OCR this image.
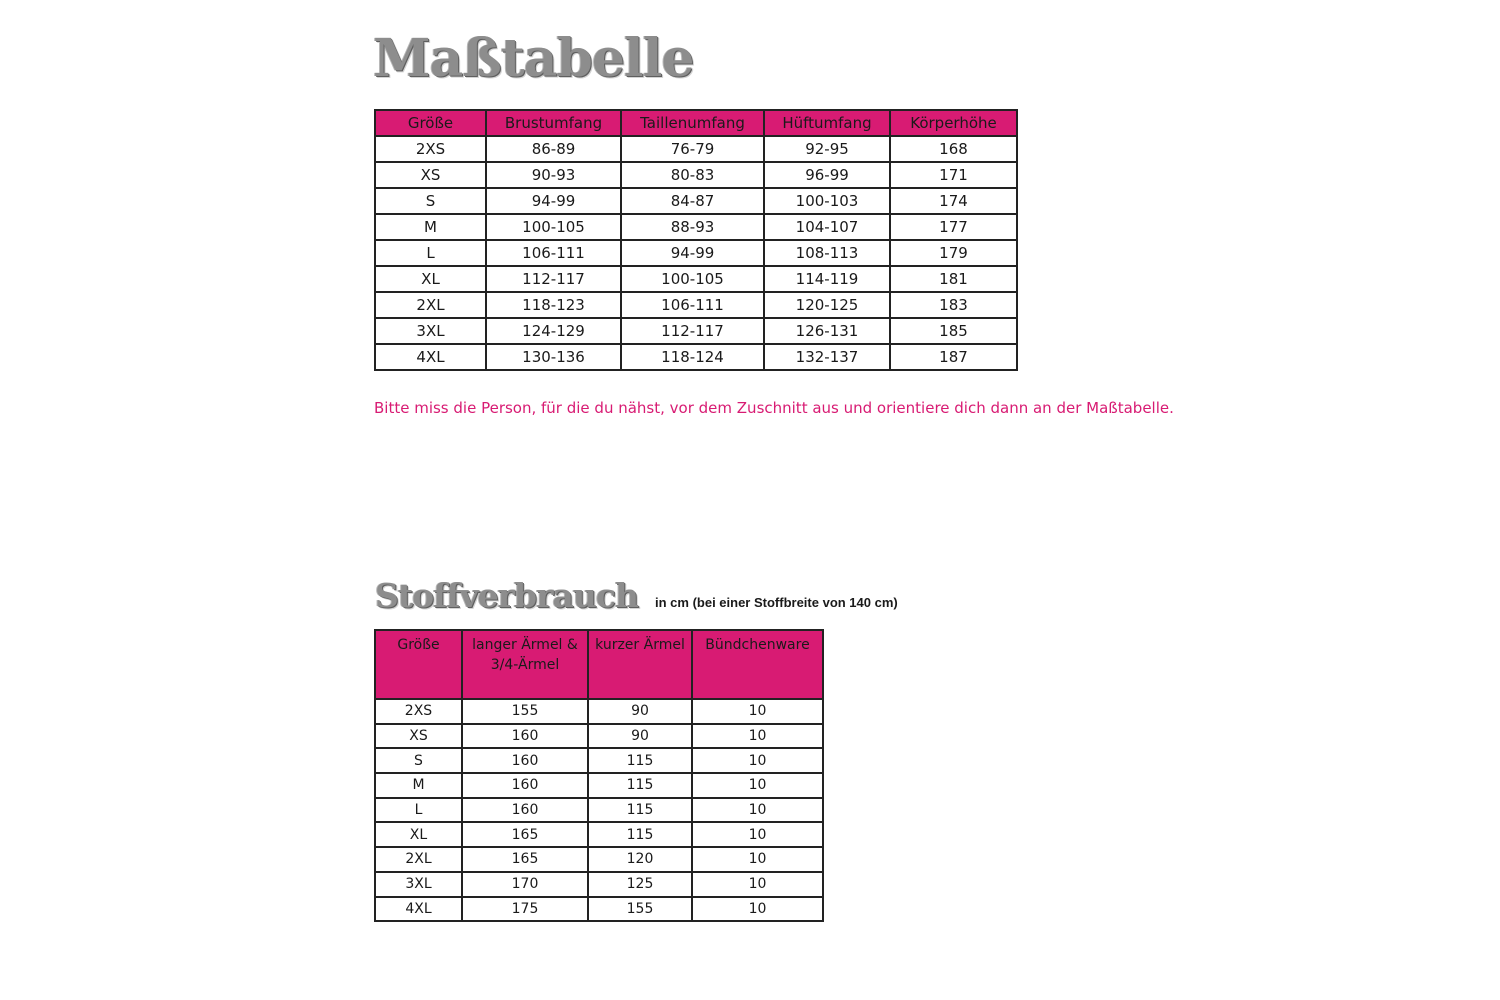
Maßtabelle
Größe	Brustumfang	Taillenumfang	Hüftumfang	Körperhöhe
2XS	86-89	76-79	92-95	168
XS	90-93	80-83	96-99	171
S	94-99	84-87	100-103	174
M	100-105	88-93	104-107	177
L	106-111	94-99	108-113	179
XL	112-117	100-105	114-119	181
2XL	118-123	106-111	120-125	183
3XL	124-129	112-117	126-131	185
4XL	130-136	118-124	132-137	187
Bitte miss die Person, für die du nähst, vor dem Zuschnitt aus und orientiere dich dann an der Maßtabelle.
Stoffverbrauch in cm (bei einer Stoffbreite von 140 cm)
Größe	langer Ärmel & 3/4-Ärmel	kurzer Ärmel	Bündchenware
2XS	155	90	10
XS	160	90	10
S	160	115	10
M	160	115	10
L	160	115	10
XL	165	115	10
2XL	165	120	10
3XL	170	125	10
4XL	175	155	10
